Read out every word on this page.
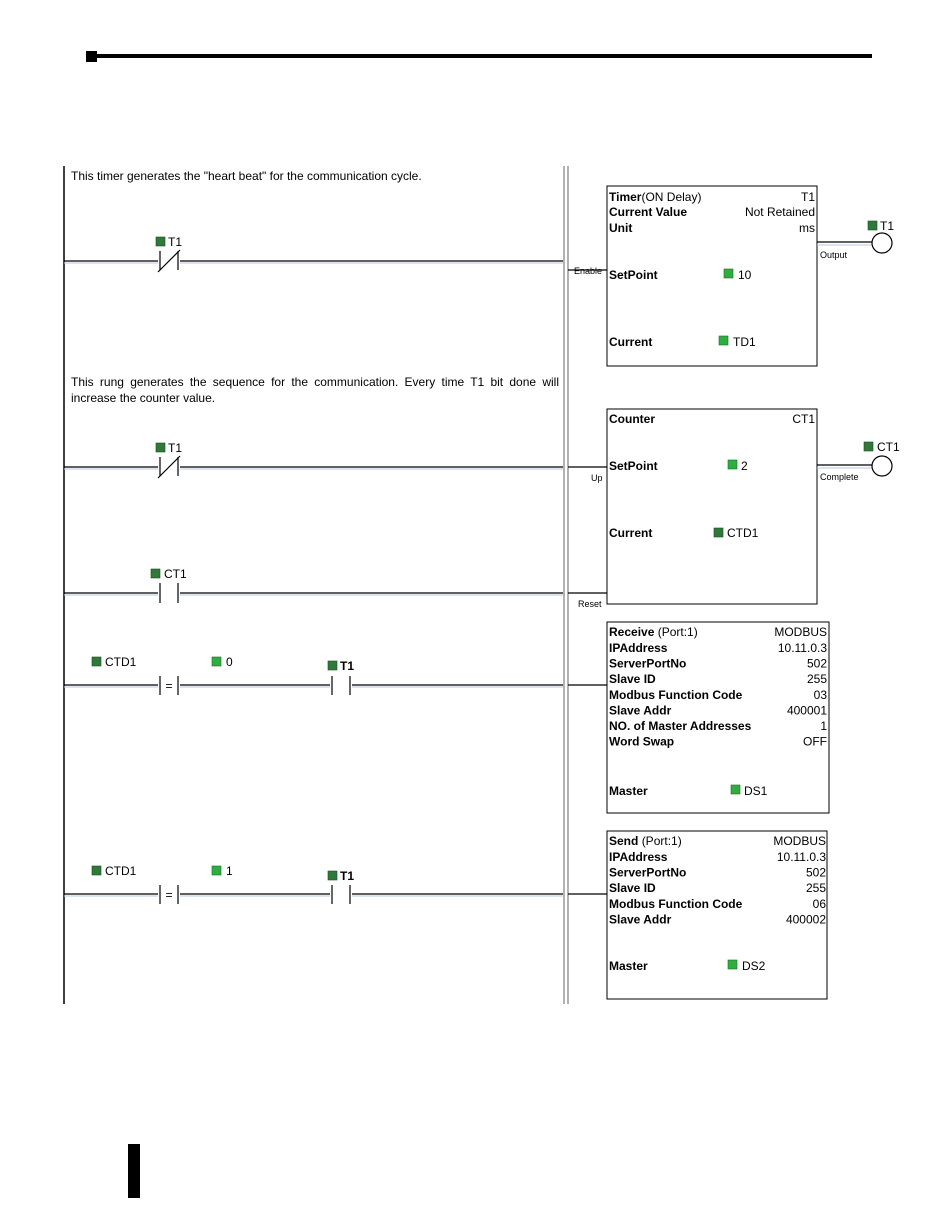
This timer generates the "heart beat" for the communication cycle.
This rung generates the sequence for the communication. Every time T1 bit done will increase the counter value.
T1
Enable
Timer(ON Delay)	T1
Current Value	Not Retained
Unit	ms
SetPoint	10
Current	TD1
Output
T1
T1
Up
CT1
Reset
Counter	CT1
SetPoint	2
Current	CTD1
Complete
CT1
=
CTD1	0	T1
Receive (Port:1)	MODBUS
IPAddress	10.11.0.3
ServerPortNo	502
Slave ID	255
Modbus Function Code	03
Slave Addr	400001
NO. of Master Addresses	1
Word Swap	OFF
Master	DS1
=
CTD1	1	T1
Send (Port:1)	MODBUS
IPAddress	10.11.0.3
ServerPortNo	502
Slave ID	255
Modbus Function Code	06
Slave Addr	400002
Master	DS2
